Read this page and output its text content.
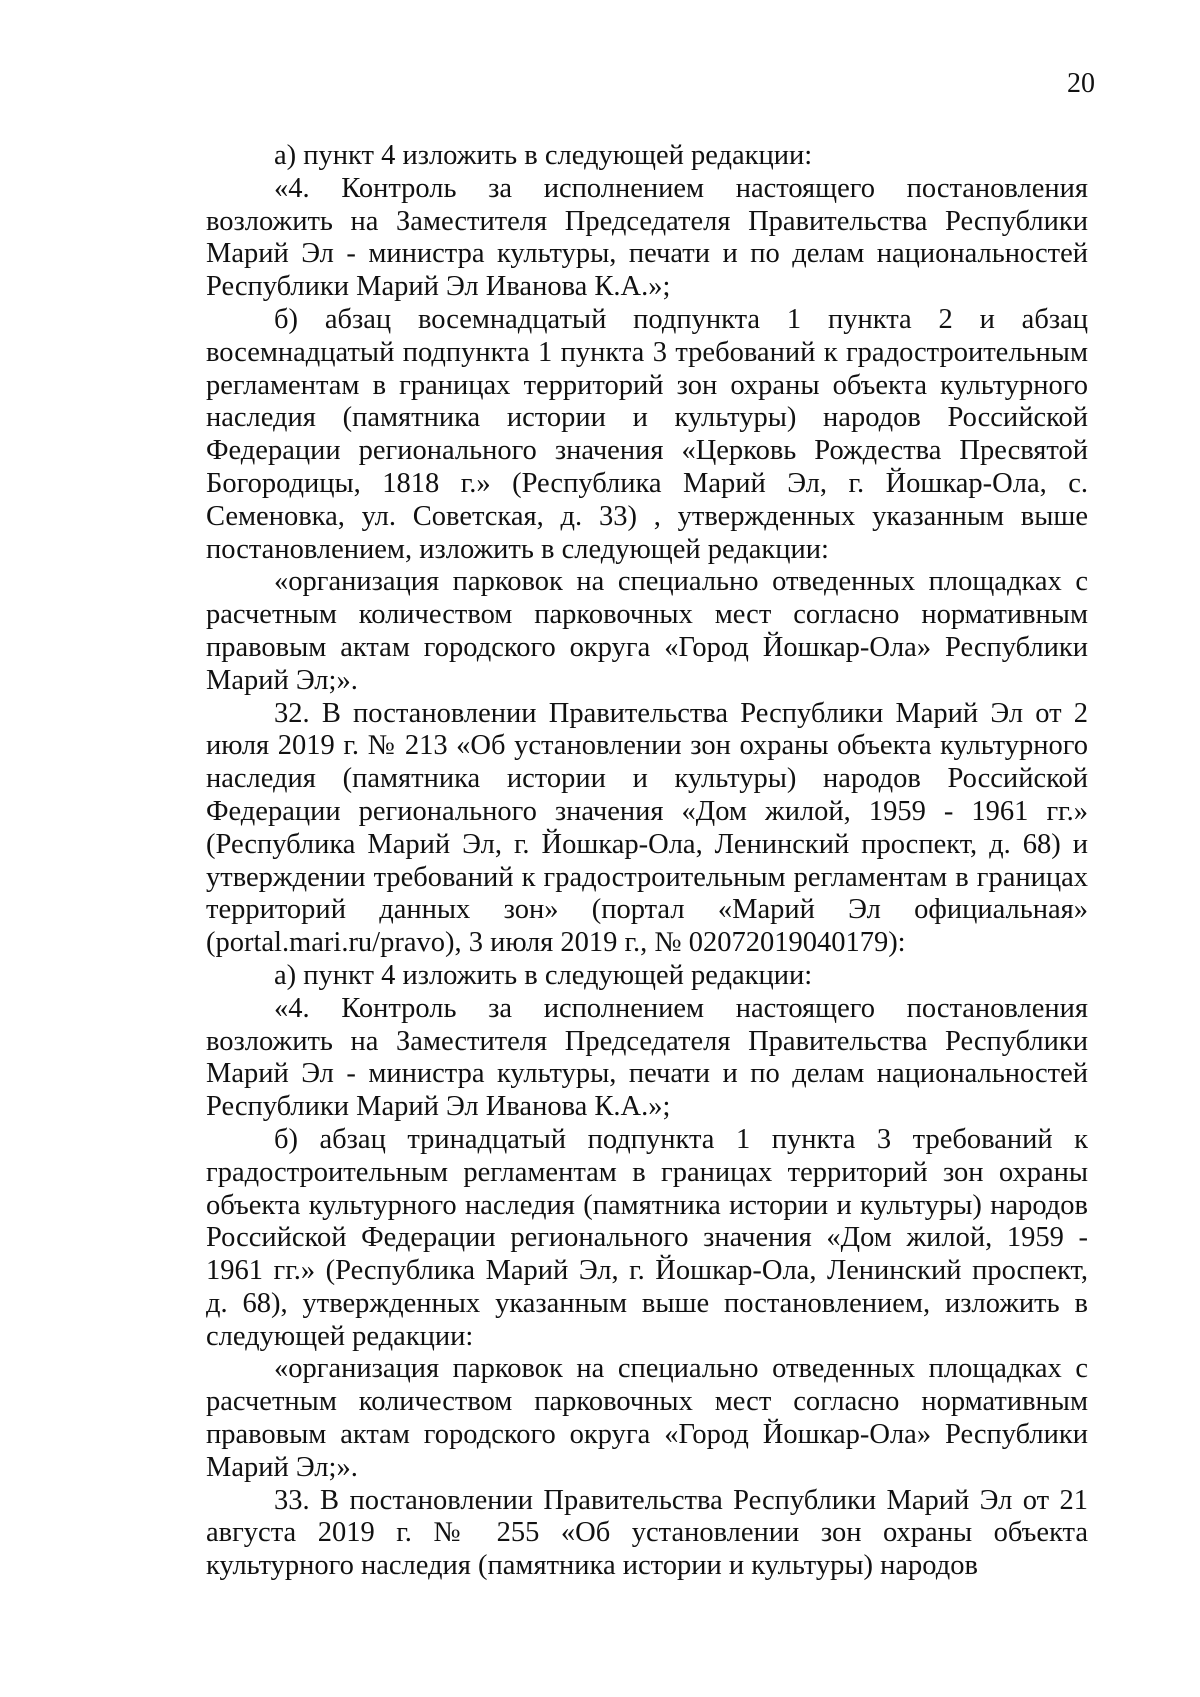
20

а) пункт 4 изложить в следующей редакции:

«4. Контроль за исполнением настоящего постановления возложить на Заместителя Председателя Правительства Республики Марий Эл - министра культуры, печати и по делам национальностей Республики Марий Эл Иванова К.А.»;

б) абзац восемнадцатый подпункта 1 пункта 2 и абзац восемнадцатый подпункта 1 пункта 3 требований к градостроительным регламентам в границах территорий зон охраны объекта культурного наследия (памятника истории и культуры) народов Российской Федерации регионального значения «Церковь Рождества Пресвятой Богородицы, 1818 г.» (Республика Марий Эл, г. Йошкар-Ола, с. Семеновка, ул. Советская, д. 33) , утвержденных указанным выше постановлением, изложить в следующей редакции:

«организация парковок на специально отведенных площадках с расчетным количеством парковочных мест согласно нормативным правовым актам городского округа «Город Йошкар-Ола» Республики Марий Эл;».

32. В постановлении Правительства Республики Марий Эл от 2 июля 2019 г. № 213 «Об установлении зон охраны объекта культурного наследия (памятника истории и культуры) народов Российской Федерации регионального значения «Дом жилой, 1959 - 1961 гг.» (Республика Марий Эл, г. Йошкар-Ола, Ленинский проспект, д. 68) и утверждении требований к градостроительным регламентам в границах территорий данных зон» (портал «Марий Эл официальная» (portal.mari.ru/pravo), 3 июля 2019 г., № 02072019040179):

а) пункт 4 изложить в следующей редакции:

«4. Контроль за исполнением настоящего постановления возложить на Заместителя Председателя Правительства Республики Марий Эл - министра культуры, печати и по делам национальностей Республики Марий Эл Иванова К.А.»;

б) абзац тринадцатый подпункта 1 пункта 3 требований к градостроительным регламентам в границах территорий зон охраны объекта культурного наследия (памятника истории и культуры) народов Российской Федерации регионального значения «Дом жилой, 1959 - 1961 гг.» (Республика Марий Эл, г. Йошкар-Ола, Ленинский проспект, д. 68), утвержденных указанным выше постановлением, изложить в следующей редакции:

«организация парковок на специально отведенных площадках с расчетным количеством парковочных мест согласно нормативным правовым актам городского округа «Город Йошкар-Ола» Республики Марий Эл;».

33. В постановлении Правительства Республики Марий Эл от 21 августа 2019 г. № 255 «Об установлении зон охраны объекта культурного наследия (памятника истории и культуры) народов
